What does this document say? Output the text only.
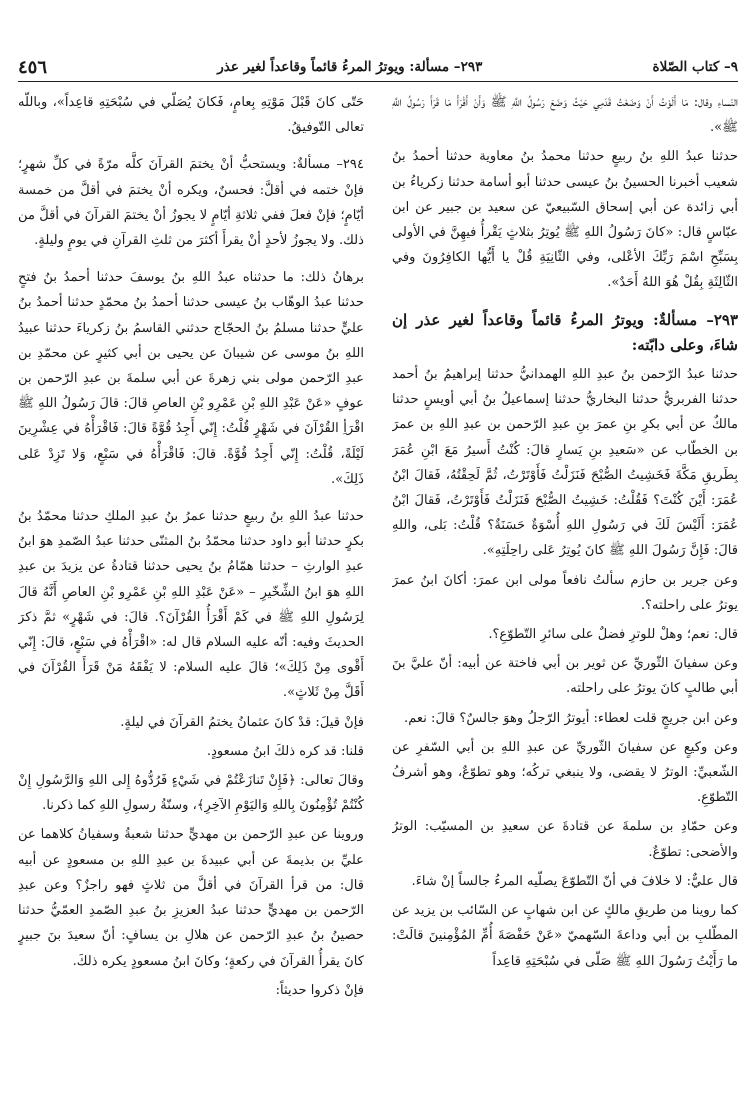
٩– كتاب الصّلاة
٢٩٣– مسألة: ويوترُ المرءُ قائماً وقاعداً لغير عذر
٤٥٦

النّساءِ وقال: مَا أَلَوْتُ أَنْ وَضَعْتُ قَدَمِي حَيْثُ وَضَعَ رَسُولُ اللَّهِ ﷺ وَأَنْ أَقْرَأَ مَا قَرَأَ رَسُولُ اللَّهِ ﷺ».

حدثنا عبدُ اللهِ بنُ ربيعٍ حدثنا محمدُ بنُ معاوية حدثنا أحمدُ بنُ شعيب أخبرنا الحسينُ بنُ عيسى حدثنا أبو أسامة حدثنا زكرياءُ بن أبي زائدة عن أبي إسحاق السّبيعيّ عن سعيد بن جبير عن ابن عبّاسٍ قال: «كانَ رَسُولُ اللهِ ﷺ يُوتِرُ بثلاثٍ يَقْرأُ فيهِنَّ في الأولى بِسَبِّحِ اسْمَ رَبِّكَ الأعْلى، وفي الثّانِيَةِ قُلْ يا أَيُّها الكافِرُونَ وفي الثّالِثَةِ بِقُلْ هُوَ اللهُ أَحَدٌ».

٢٩٣– مسألةٌ: ويوترُ المرءُ قائماً وقاعداً لغير عذر إن شاءَ، وعلى دابّته:

حدثنا عبدُ الرّحمن بنُ عبدِ اللهِ الهمدانيُّ حدثنا إبراهيمُ بنُ أحمد حدثنا الفربريُّ حدثنا البخاريُّ حدثنا إسماعيلُ بنُ أبي أويسٍ حدثنا مالكٌ عن أبي بكرِ بنِ عمرَ بنِ عبدِ الرّحمن بن عبدِ اللهِ بن عمرَ بن الخطّاب عن «سَعيدِ بنِ يَسارٍ قالَ: كُنْتُ أَسيرُ مَعَ ابْنِ عُمَرَ بِطَريقِ مَكَّةَ فَخَشِيتُ الصُّبْحَ فَنَزَلْتُ فَأَوْتَرْتُ، ثُمَّ لَحِقْتُهُ، فَقالَ ابْنُ عُمَرَ: أَيْنَ كُنْتَ؟ فَقُلْتُ: خَشِيتُ الصُّبْحَ فَنَزَلْتُ فَأَوْتَرْتُ، فَقالَ ابْنُ عُمَرَ: أَلَيْسَ لَكَ في رَسُولِ اللهِ أُسْوَةٌ حَسَنَةٌ؟ قُلْتُ: بَلى، واللهِ قالَ: فَإِنَّ رَسُولَ اللهِ ﷺ كانَ يُوتِرُ عَلى راحِلَتِهِ».

وعن جرير بن حازم سألتُ نافعاً مولى ابن عمرَ: أكانَ ابنُ عمرَ يوترُ على راحلته؟.

قال: نعم؛ وهلْ للوترِ فضلٌ على سائرِ التّطوّعِ؟.

وعن سفيانَ الثّوريِّ عن ثوير بن أبي فاختة عن أبيه: أنّ عليَّ بنَ أبي طالبٍ كانَ يوترُ على راحلته.

وعن ابن جريجٍ قلت لعطاء: أيوترُ الرّجلُ وهوَ جالسٌ؟ قالَ: نعم.

وعن وكيعٍ عن سفيانَ الثّوريِّ عن عبدِ اللهِ بن أبي السّفرِ عن الشّعبيِّ: الوترُ لا يقضى، ولا ينبغي تركُه؛ وهو تطوّعٌ، وهو أشرفُ التّطوّعِ.

وعن حمّادِ بن سلمةَ عن قتادةَ عن سعيدِ بن المسيّب: الوترُ والأضحى: تطوّعٌ.

قال عليٌّ: لا خلافَ في أنّ التّطوّعَ يصلّيه المرءُ جالساً إنْ شاءَ.

كما روينا من طريقِ مالكٍ عن ابن شهابٍ عن السّائب بن يزيد عن المطّلبِ بن أبي وداعةَ السّهميّ «عَنْ حَفْصَةَ أُمِّ المُؤْمِنينَ قالَتْ: ما رَأَيْتُ رَسُولَ اللهِ ﷺ صَلّى في سُبْحَتِهِ قاعِداً

حَتّى كانَ قَبْلَ مَوْتِهِ بِعامٍ، فَكانَ يُصَلّي في سُبْحَتِهِ قاعِداً»، وباللّه تعالى التّوفيقُ.

٢٩٤– مسألةٌ: ويستحبُّ أنْ يختمَ القرآنَ كلَّه مرّةً في كلِّ شهرٍ؛ فإنْ ختمه في أقلَّ: فحسنٌ، ويكره أنْ يختمَ في أقلَّ من خمسة أيّامٍ؛ فإنْ فعلَ ففي ثلاثةِ أيّامٍ لا يجوزُ أنْ يختمَ القرآنَ في أقلَّ من ذلك. ولا يجوزُ لأحدٍ أنْ يقرأَ أكثرَ من ثلثِ القرآنِ في يومٍ وليلةٍ.

برهانُ ذلك: ما حدثناه عبدُ اللهِ بنُ يوسفَ حدثنا أحمدُ بنُ فتحٍ حدثنا عبدُ الوهّاب بنُ عيسى حدثنا أحمدُ بنُ محمّدٍ حدثنا أحمدُ بنُ عليٍّ حدثنا مسلمُ بنُ الحجّاج حدثني القاسمُ بنُ زكرياءَ حدثنا عبيدُ اللهِ بنُ موسى عن شيبانَ عن يحيى بن أبي كثيرٍ عن محمّدِ بن عبدِ الرّحمن مولى بني زهرةَ عن أبي سلمةَ بن عبدِ الرّحمن بن عوفٍ «عَنْ عَبْدِ اللهِ بْنِ عَمْرِو بْنِ العاصِ قالَ: قالَ رَسُولُ اللهِ ﷺ اقْرَأِ القُرْآنَ في شَهْرٍ قُلْتُ: إِنّي أَجِدُ قُوَّةً قالَ: فَاقْرَأْهُ في عِشْرِينَ لَيْلَةً، قُلْتُ: إِنّي أَجِدُ قُوَّةً. قالَ: فَاقْرَأْهُ في سَبْعٍ، وَلا تَزِدْ عَلى ذَلِكَ».

حدثنا عبدُ اللهِ بنُ ربيعٍ حدثنا عمرُ بنُ عبدِ الملكِ حدثنا محمّدُ بنُ بكرٍ حدثنا أبو داود حدثنا محمّدُ بنُ المثنّى حدثنا عبدُ الصّمدِ هوَ ابنُ عبدِ الوارثِ – حدثنا همّامُ بنُ يحيى حدثنا قتادةُ عن يزيدَ بن عبدِ اللهِ هوَ ابنُ الشِّخّيرِ – «عَنْ عَبْدِ اللهِ بْنِ عَمْرِو بْنِ العاصِ أَنَّهُ قالَ لِرَسُولِ اللهِ ﷺ في كَمْ أَقْرَأُ القُرْآنَ؟. قالَ: في شَهْرٍ» ثمَّ ذكرَ الحديثَ وفيه: أنّه عليه السلام قال له: «اقْرَأْهُ في سَبْعٍ، قالَ: إِنّي أَقْوى مِنْ ذَلِكَ»؛ قالَ عليه السلام: لا يَفْقَهُ مَنْ قَرَأَ القُرْآنَ في أَقَلَّ مِنْ ثَلاثٍ».

فإنْ قيلَ: قدْ كانَ عثمانُ يختمُ القرآنَ في ليلةٍ.

قلنا: قد كره ذلكَ ابنُ مسعودٍ.

وقالَ تعالى: ﴿فَإِنْ تَنازَعْتُمْ في شَيْءٍ فَرُدُّوهُ إِلى اللهِ وَالرَّسُولِ إِنْ كُنْتُمْ تُؤْمِنُونَ بِاللهِ وَاليَوْمِ الآخِرِ﴾، وسنّةُ رسولِ اللهِ كما ذكرنا.

وروينا عن عبدِ الرّحمن بن مهديٍّ حدثنا شعبةُ وسفيانُ كلاهما عن عليِّ بن بذيمةَ عن أبي عبيدةَ بن عبدِ اللهِ بن مسعودٍ عن أبيه قال: من قرأ القرآنَ في أقلَّ من ثلاثٍ فهو راجزٌ؟ وعن عبدِ الرّحمن بن مهديٍّ حدثنا عبدُ العزيزِ بنُ عبدِ الصّمدِ العمّيُّ حدثنا حصينُ بنُ عبدِ الرّحمن عن هلالِ بن يسافٍ: أنّ سعيدَ بنَ جبيرٍ كانَ يقرأُ القرآنَ في ركعةٍ؛ وكانَ ابنُ مسعودٍ يكره ذلكَ.

فإنْ ذكروا حديثاً:
